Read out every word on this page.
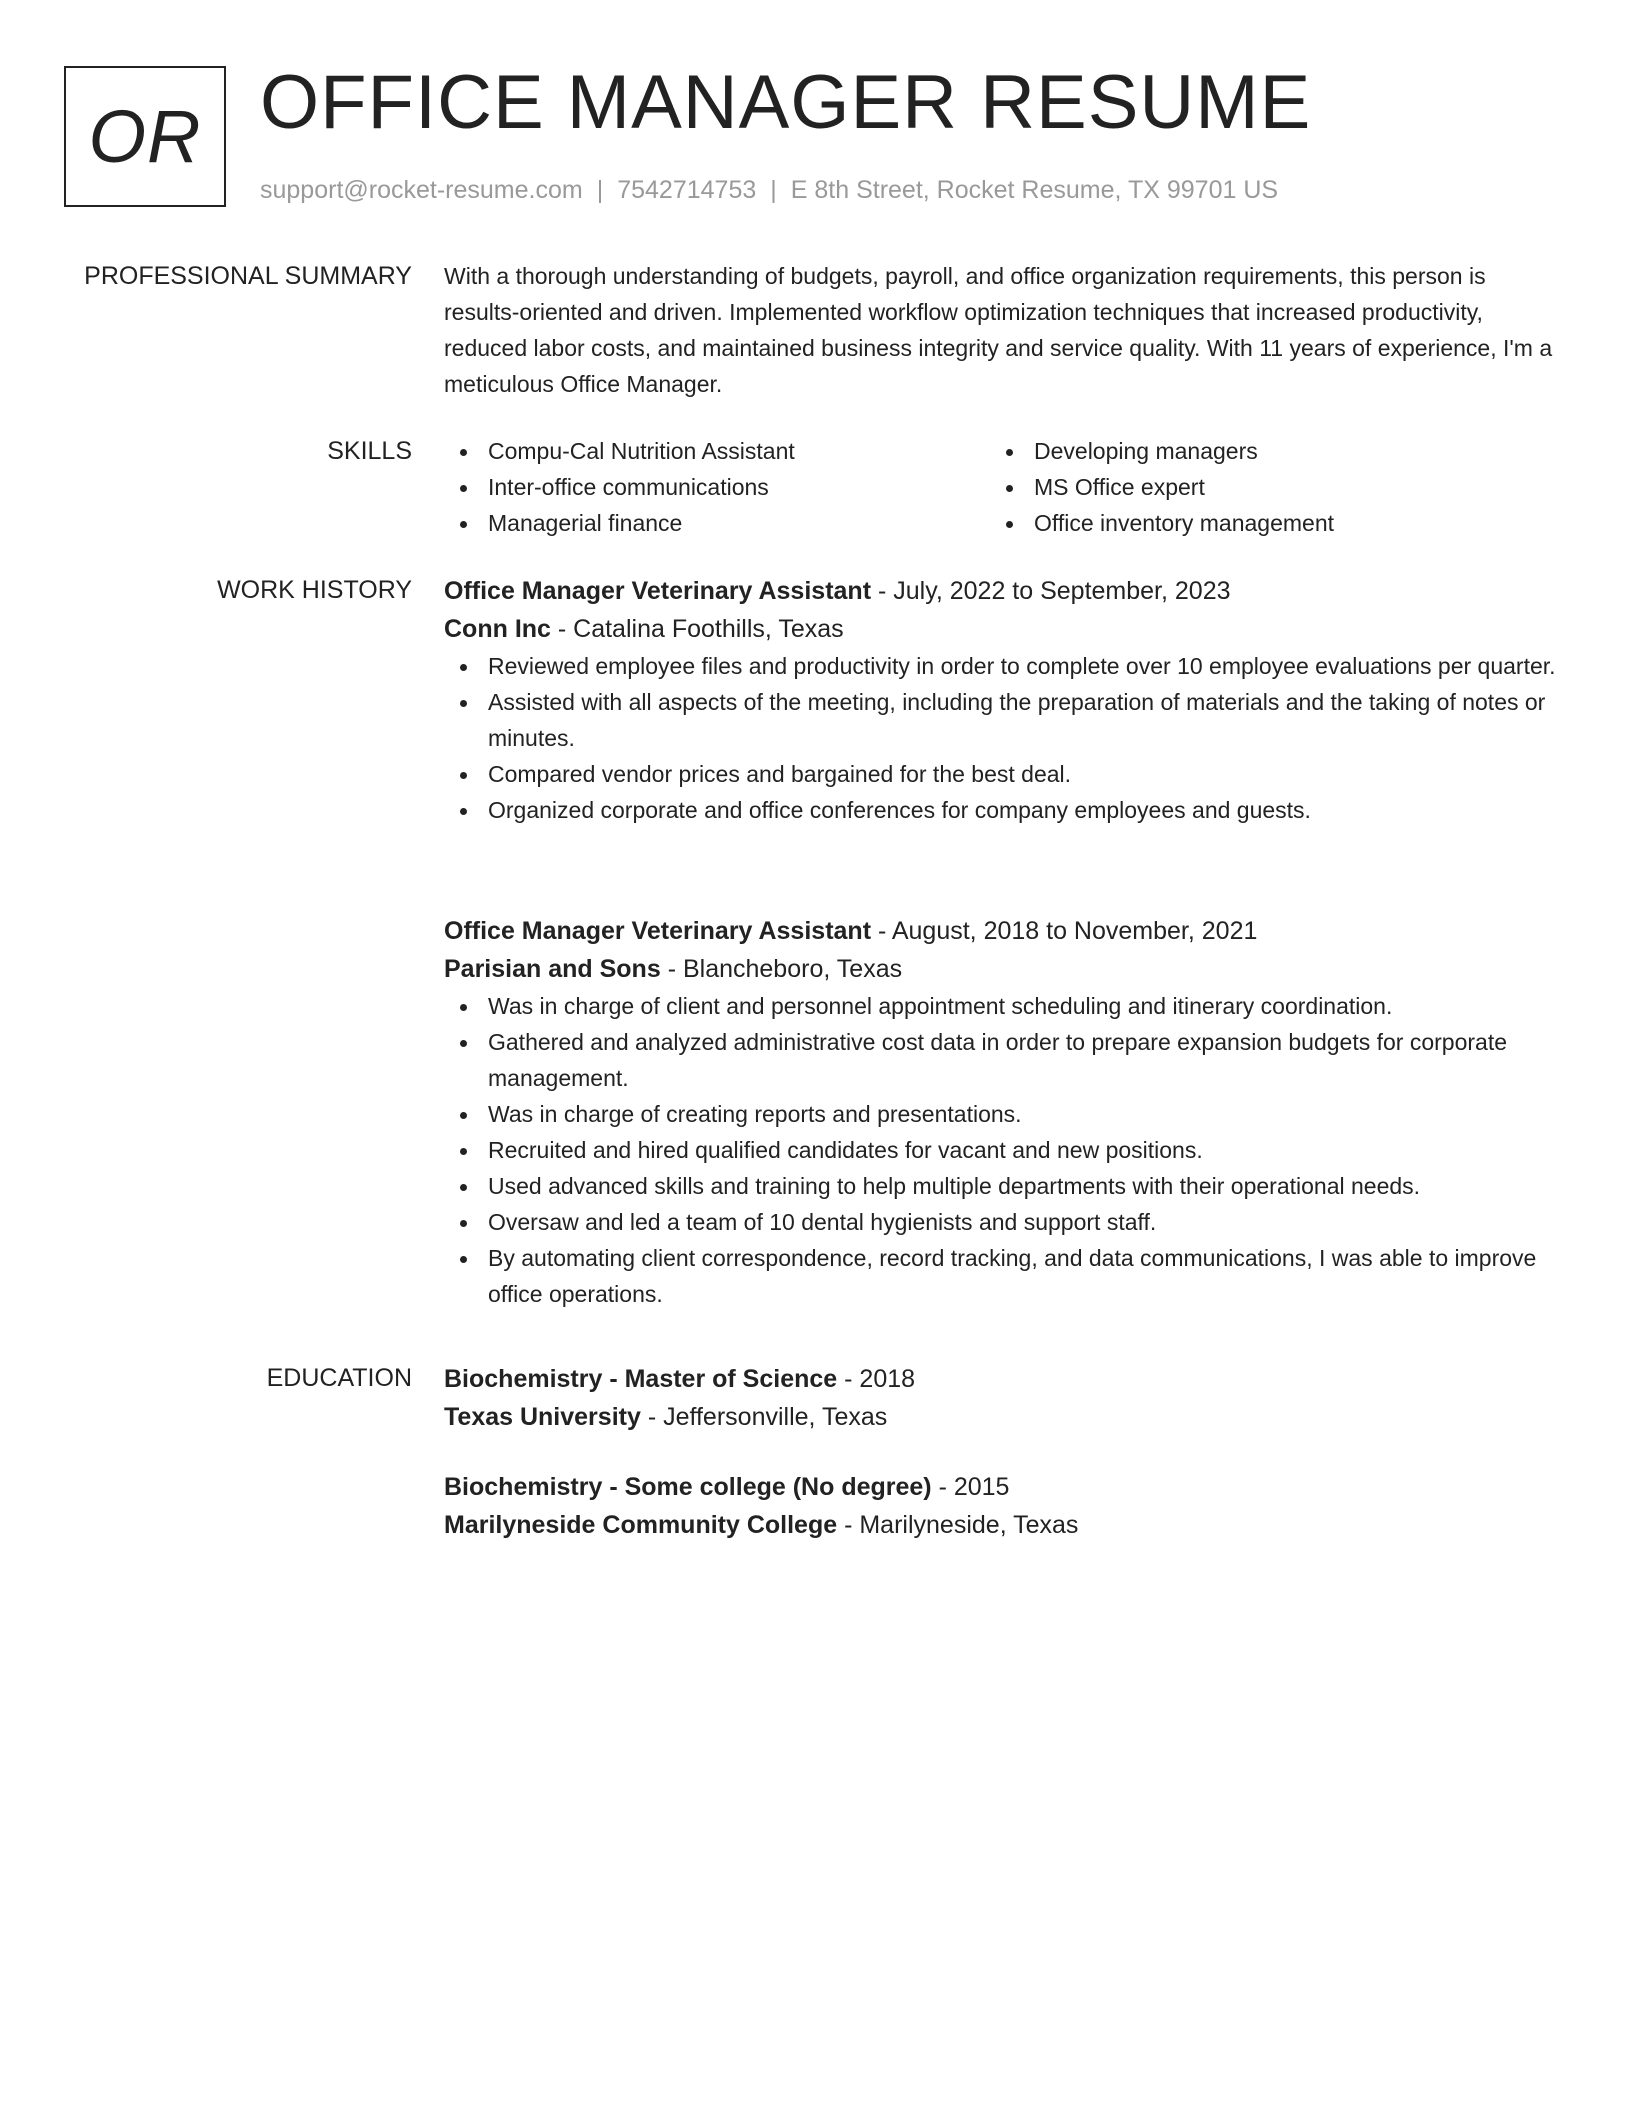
OR OFFICE MANAGER RESUME
support@rocket-resume.com | 7542714753 | E 8th Street, Rocket Resume, TX 99701 US
PROFESSIONAL SUMMARY With a thorough understanding of budgets, payroll, and office organization requirements, this person is results-oriented and driven. Implemented workflow optimization techniques that increased productivity, reduced labor costs, and maintained business integrity and service quality. With 11 years of experience, I'm a meticulous Office Manager.

SKILLS	Compu-Cal Nutrition Assistant
Inter-office communications
Managerial finance
Developing managers
MS Office expert
Office inventory management
WORK HISTORY Office Manager Veterinary Assistant - July, 2022 to September, 2023
Conn Inc - Catalina Foothills, Texas
Reviewed employee files and productivity in order to complete over 10 employee evaluations per quarter.
Assisted with all aspects of the meeting, including the preparation of materials and the taking of notes or minutes.
Compared vendor prices and bargained for the best deal.
Organized corporate and office conferences for company employees and guests.
Office Manager Veterinary Assistant - August, 2018 to November, 2021
Parisian and Sons - Blancheboro, Texas
Was in charge of client and personnel appointment scheduling and itinerary coordination.
Gathered and analyzed administrative cost data in order to prepare expansion budgets for corporate management.
Was in charge of creating reports and presentations.
Recruited and hired qualified candidates for vacant and new positions.
Used advanced skills and training to help multiple departments with their operational needs.
Oversaw and led a team of 10 dental hygienists and support staff.
By automating client correspondence, record tracking, and data communications, I was able to improve office operations.
EDUCATION Biochemistry - Master of Science - 2018
Texas University - Jeffersonville, Texas
Biochemistry - Some college (No degree) - 2015
Marilyneside Community College - Marilyneside, Texas
